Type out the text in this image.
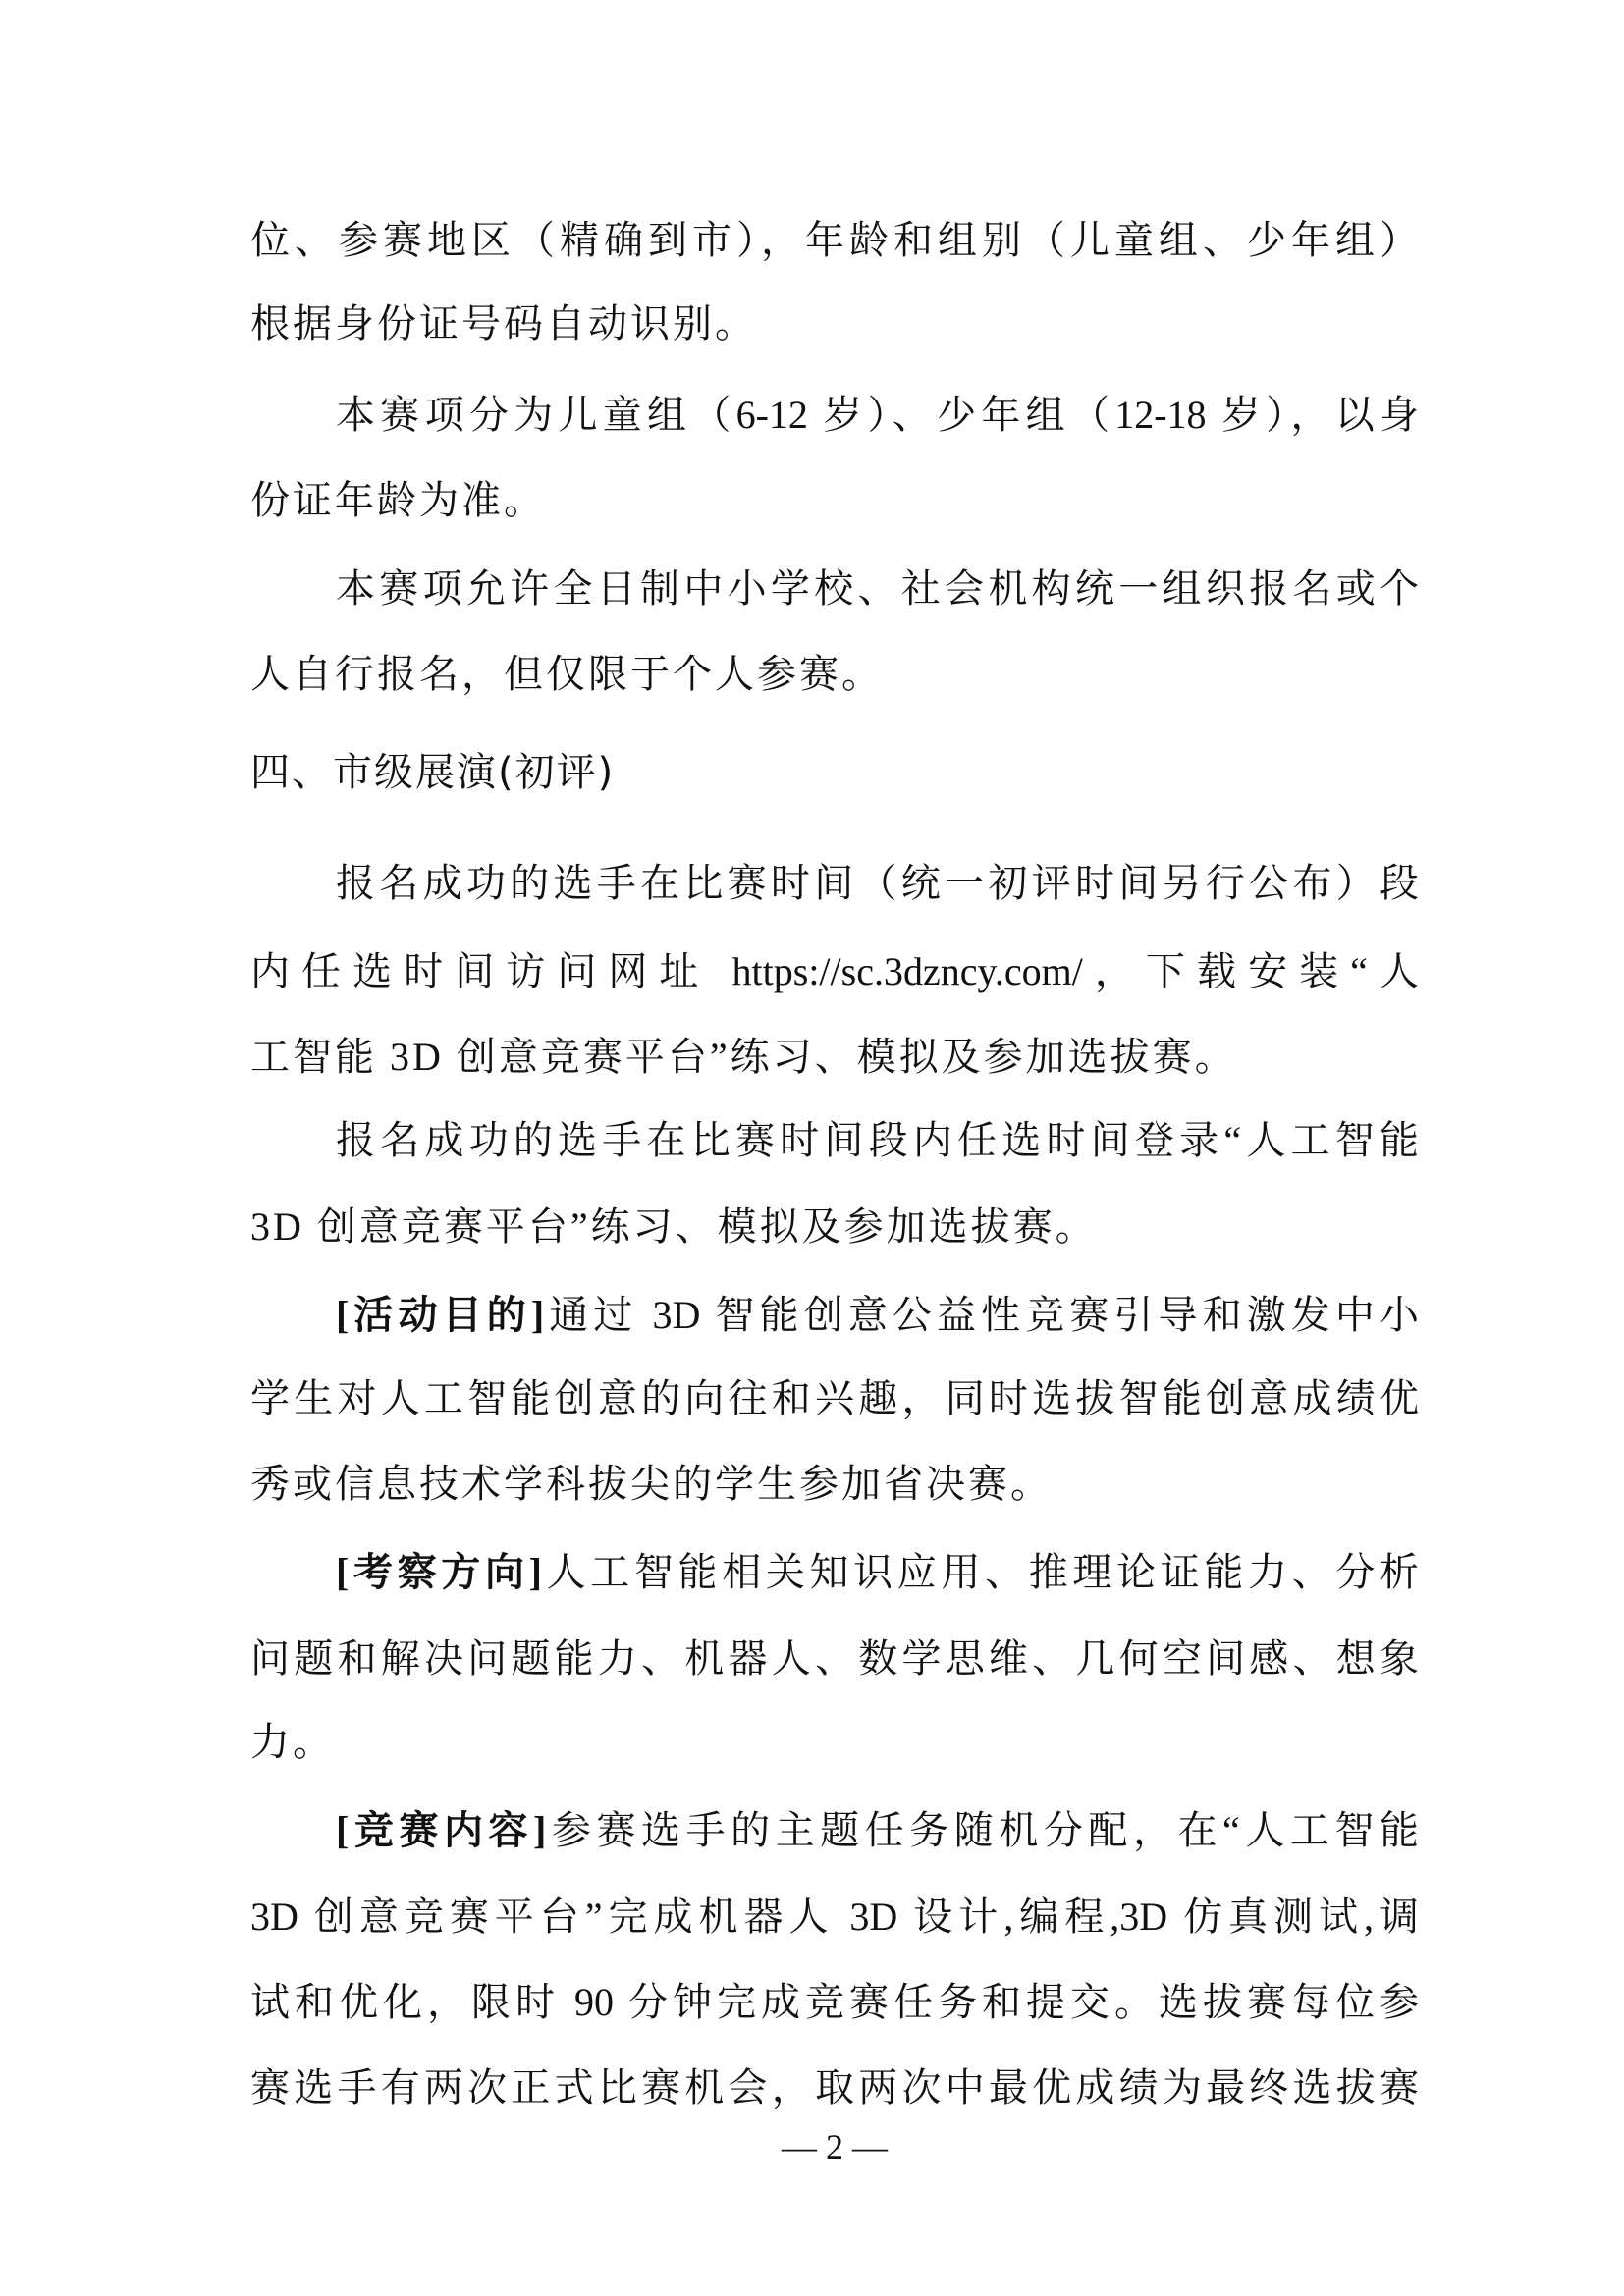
位、参赛地区（精确到市），年龄和组别（儿童组、少年组）
根据身份证号码自动识别。
本赛项分为儿童组（6-12 岁）、少年组（12-18 岁），以身
份证年龄为准。
本赛项允许全日制中小学校、社会机构统一组织报名或个
人自行报名，但仅限于个人参赛。
四、市级展演(初评)
报名成功的选手在比赛时间（统一初评时间另行公布）段
内任选时间访问网址 https://sc.3dzncy.com/，下载安装“人
工智能 3D 创意竞赛平台”练习、模拟及参加选拔赛。
报名成功的选手在比赛时间段内任选时间登录“人工智能
3D 创意竞赛平台”练习、模拟及参加选拔赛。
[活动目的]通过 3D 智能创意公益性竞赛引导和激发中小
学生对人工智能创意的向往和兴趣，同时选拔智能创意成绩优
秀或信息技术学科拔尖的学生参加省决赛。
[考察方向]人工智能相关知识应用、推理论证能力、分析
问题和解决问题能力、机器人、数学思维、几何空间感、想象
力。
[竞赛内容]参赛选手的主题任务随机分配，在“人工智能
3D 创意竞赛平台”完成机器人 3D 设计,编程,3D 仿真测试,调
试和优化，限时 90 分钟完成竞赛任务和提交。选拔赛每位参
赛选手有两次正式比赛机会，取两次中最优成绩为最终选拔赛
— 2 —
